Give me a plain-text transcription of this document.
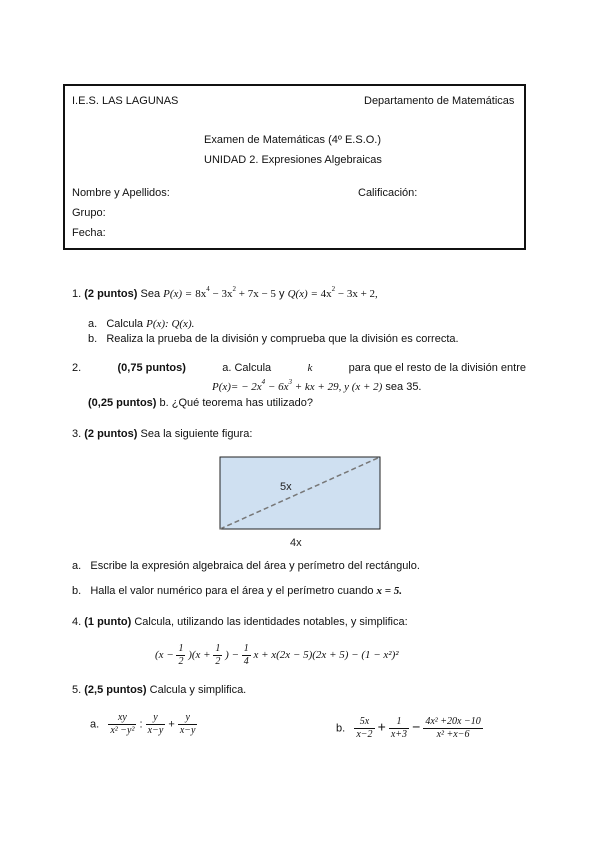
I.E.S. LAS LAGUNAS	Departamento de Matemáticas
Examen de Matemáticas (4º E.S.O.)
UNIDAD 2. Expresiones Algebraicas
Nombre y Apellidos:	Calificación:
Grupo:
Fecha:
1. (2 puntos) Sea $P(x) = 8x^4 - 3x^2 + 7x - 5$ y $Q(x) = 4x^2 - 3x + 2$,
a. Calcula P(x): Q(x).
b. Realiza la prueba de la división y comprueba que la división es correcta.
2.	(0,75 puntos)	a. Calcula	k	para que el resto de la división entre
$P(x)= - 2x^4 - 6x^3$ + kx + 29, y (x + 2) sea 35.
(0,25 puntos) b. ¿Qué teorema has utilizado?
3. (2 puntos) Sea la siguiente figura:
5x
4x
a. Escribe la expresión algebraica del área y perímetro del rectángulo.
b. Halla el valor numérico para el área y el perímetro cuando x = 5.
4. (1 punto) Calcula, utilizando las identidades notables, y simplifica:
$(x - \frac{1}{2} )(x + \frac{1}{2}$ ) − $\frac{1}{4}$ x + x(2x − 5)(2x + 5) − (1 − x²)²
5. (2,5 puntos) Calcula y simplifica.
a. $\frac{xy}{\text{x² −y²}}$ : $\frac{y}{x-y} + \frac{y}{x-y}$	b. $\frac{5x}{x-2} + \frac{1}{x+3} - \frac{\text{4x² +20x −10}}{\text{x² +x−6}}$
